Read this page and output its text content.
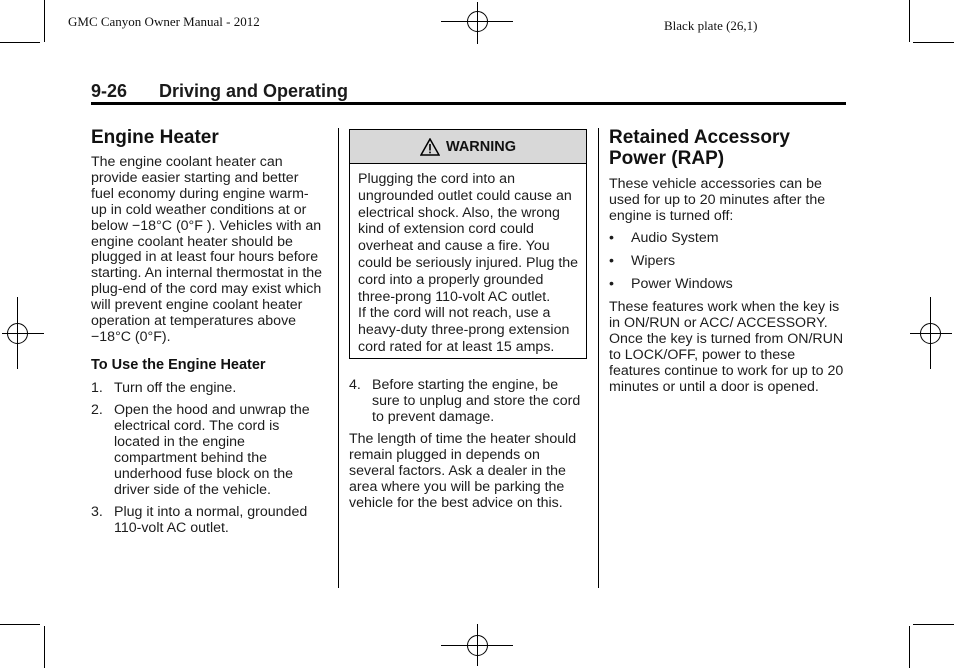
GMC Canyon Owner Manual - 2012	Black plate (26,1)
9-26 Driving and Operating
Engine Heater
The engine coolant heater can provide easier starting and better fuel economy during engine warm-up in cold weather conditions at or below −18°C (0°F ). Vehicles with an engine coolant heater should be plugged in at least four hours before starting. An internal thermostat in the plug-end of the cord may exist which will prevent engine coolant heater operation at temperatures above −18°C (0°F).
To Use the Engine Heater
1. Turn off the engine.
2. Open the hood and unwrap the electrical cord. The cord is located in the engine compartment behind the underhood fuse block on the driver side of the vehicle.
3. Plug it into a normal, grounded 110-volt AC outlet.
WARNING
Plugging the cord into an ungrounded outlet could cause an electrical shock. Also, the wrong kind of extension cord could overheat and cause a fire. You could be seriously injured. Plug the cord into a properly grounded three-prong 110-volt AC outlet.
If the cord will not reach, use a heavy-duty three-prong extension cord rated for at least 15 amps.
4. Before starting the engine, be sure to unplug and store the cord to prevent damage.
The length of time the heater should remain plugged in depends on several factors. Ask a dealer in the area where you will be parking the vehicle for the best advice on this.
Retained Accessory
Power (RAP)
These vehicle accessories can be used for up to 20 minutes after the engine is turned off:
• Audio System
• Wipers
• Power Windows
These features work when the key is in ON/RUN or ACC/ ACCESSORY. Once the key is turned from ON/RUN to LOCK/OFF, power to these features continue to work for up to 20 minutes or until a door is opened.
